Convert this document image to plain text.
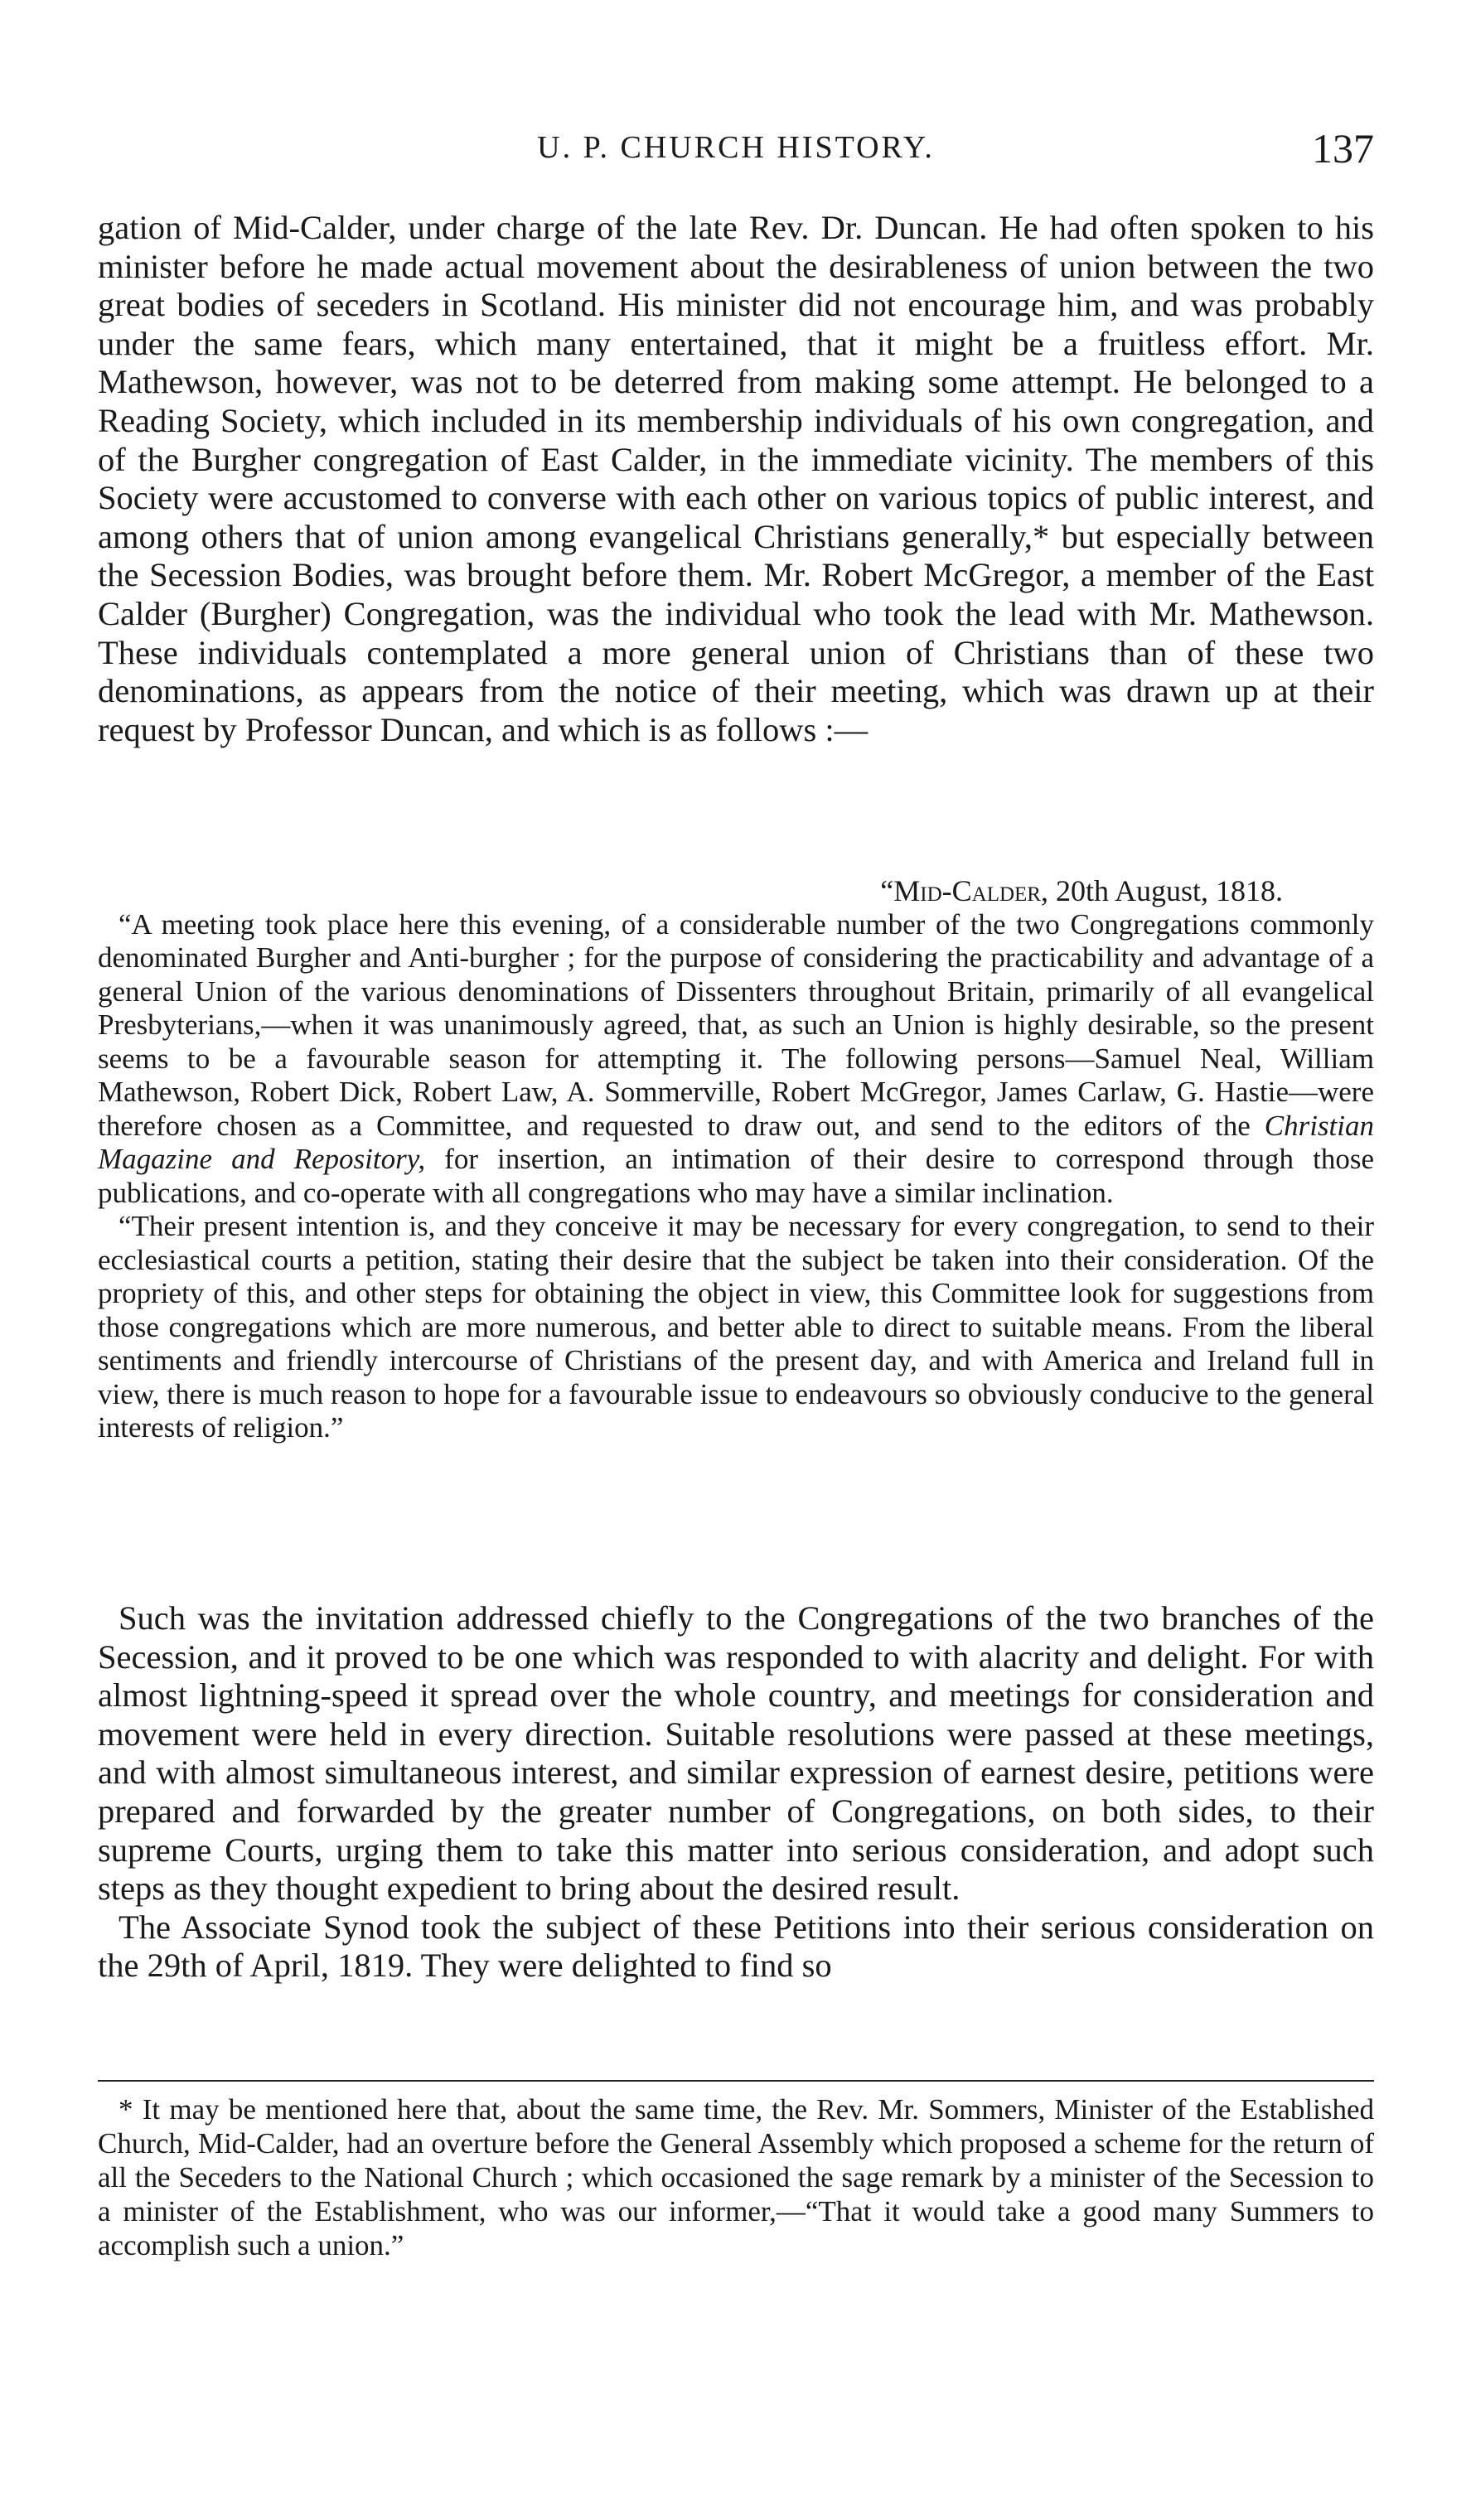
U. P. CHURCH HISTORY.	137

gation of Mid-Calder, under charge of the late Rev. Dr. Duncan. He had often spoken to his minister before he made actual movement about the desirableness of union between the two great bodies of seceders in Scotland. His minister did not encourage him, and was probably under the same fears, which many entertained, that it might be a fruitless effort. Mr. Mathewson, however, was not to be deterred from making some attempt. He belonged to a Reading Society, which included in its membership individuals of his own congregation, and of the Burgher congregation of East Calder, in the immediate vicinity. The members of this Society were accustomed to converse with each other on various topics of public interest, and among others that of union among evangelical Christians generally,* but especially between the Secession Bodies, was brought before them. Mr. Robert McGregor, a member of the East Calder (Burgher) Congregation, was the individual who took the lead with Mr. Mathewson. These individuals contemplated a more general union of Christians than of these two denominations, as appears from the notice of their meeting, which was drawn up at their request by Professor Duncan, and which is as follows :—

“Mid-Calder, 20th August, 1818.

“A meeting took place here this evening, of a considerable number of the two Congregations commonly denominated Burgher and Anti-burgher ; for the purpose of considering the practicability and advantage of a general Union of the various denominations of Dissenters throughout Britain, primarily of all evangelical Presbyterians,—when it was unanimously agreed, that, as such an Union is highly desirable, so the present seems to be a favourable season for attempting it. The following persons—Samuel Neal, William Mathewson, Robert Dick, Robert Law, A. Sommerville, Robert McGregor, James Carlaw, G. Hastie—were therefore chosen as a Committee, and requested to draw out, and send to the editors of the Christian Magazine and Repository, for insertion, an intimation of their desire to correspond through those publications, and co-operate with all congregations who may have a similar inclination.

“Their present intention is, and they conceive it may be necessary for every congregation, to send to their ecclesiastical courts a petition, stating their desire that the subject be taken into their consideration. Of the propriety of this, and other steps for obtaining the object in view, this Committee look for suggestions from those congregations which are more numerous, and better able to direct to suitable means. From the liberal sentiments and friendly intercourse of Christians of the present day, and with America and Ireland full in view, there is much reason to hope for a favourable issue to endeavours so obviously conducive to the general interests of religion.”

Such was the invitation addressed chiefly to the Congregations of the two branches of the Secession, and it proved to be one which was responded to with alacrity and delight. For with almost lightning-speed it spread over the whole country, and meetings for consideration and movement were held in every direction. Suitable resolutions were passed at these meetings, and with almost simultaneous interest, and similar expression of earnest desire, petitions were prepared and forwarded by the greater number of Congregations, on both sides, to their supreme Courts, urging them to take this matter into serious consideration, and adopt such steps as they thought expedient to bring about the desired result.

The Associate Synod took the subject of these Petitions into their serious consideration on the 29th of April, 1819. They were delighted to find so

* It may be mentioned here that, about the same time, the Rev. Mr. Sommers, Minister of the Established Church, Mid-Calder, had an overture before the General Assembly which proposed a scheme for the return of all the Seceders to the National Church ; which occasioned the sage remark by a minister of the Secession to a minister of the Establishment, who was our informer,—“That it would take a good many Summers to accomplish such a union.”
